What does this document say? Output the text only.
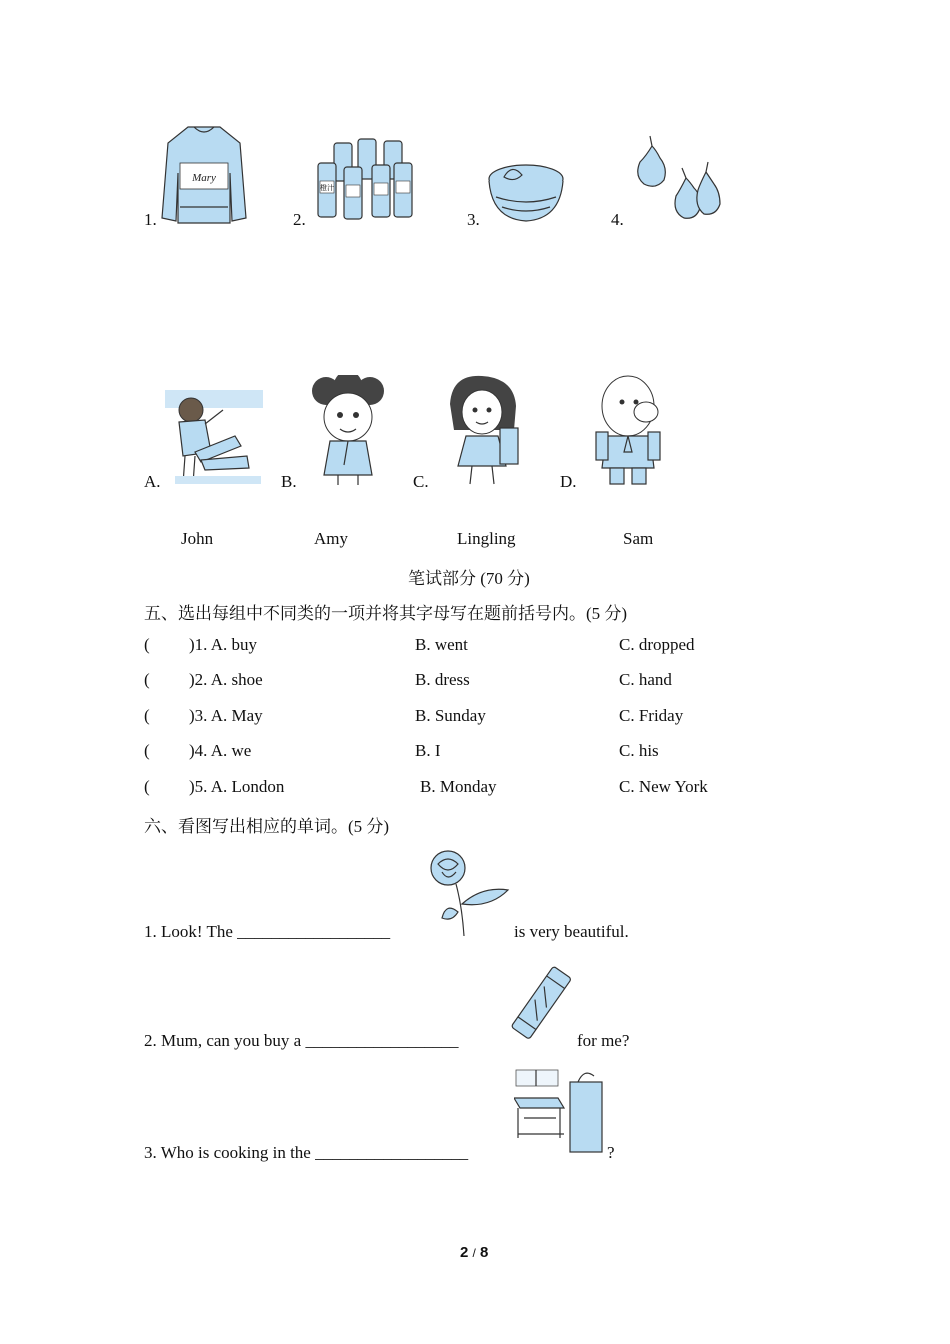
Mary
1.
橙汁
2.	3.	4.
A.	B.	C.	D.
John	Amy	Lingling	Sam
笔试部分 (70 分)
五、选出每组中不同类的一项并将其字母写在题前括号内。(5 分)
( )1. A. buy	B. went	C. dropped
( )2. A. shoe	B. dress	C. hand
( )3. A. May	B. Sunday	C. Friday
( )4. A. we	B. I	C. his
( )5. A. London	B. Monday	C. New York
六、看图写出相应的单词。(5 分)
1. Look! The __________________	is very beautiful.
2. Mum, can you buy a __________________	for me?
3. Who is cooking in the __________________	?
2 / 8
